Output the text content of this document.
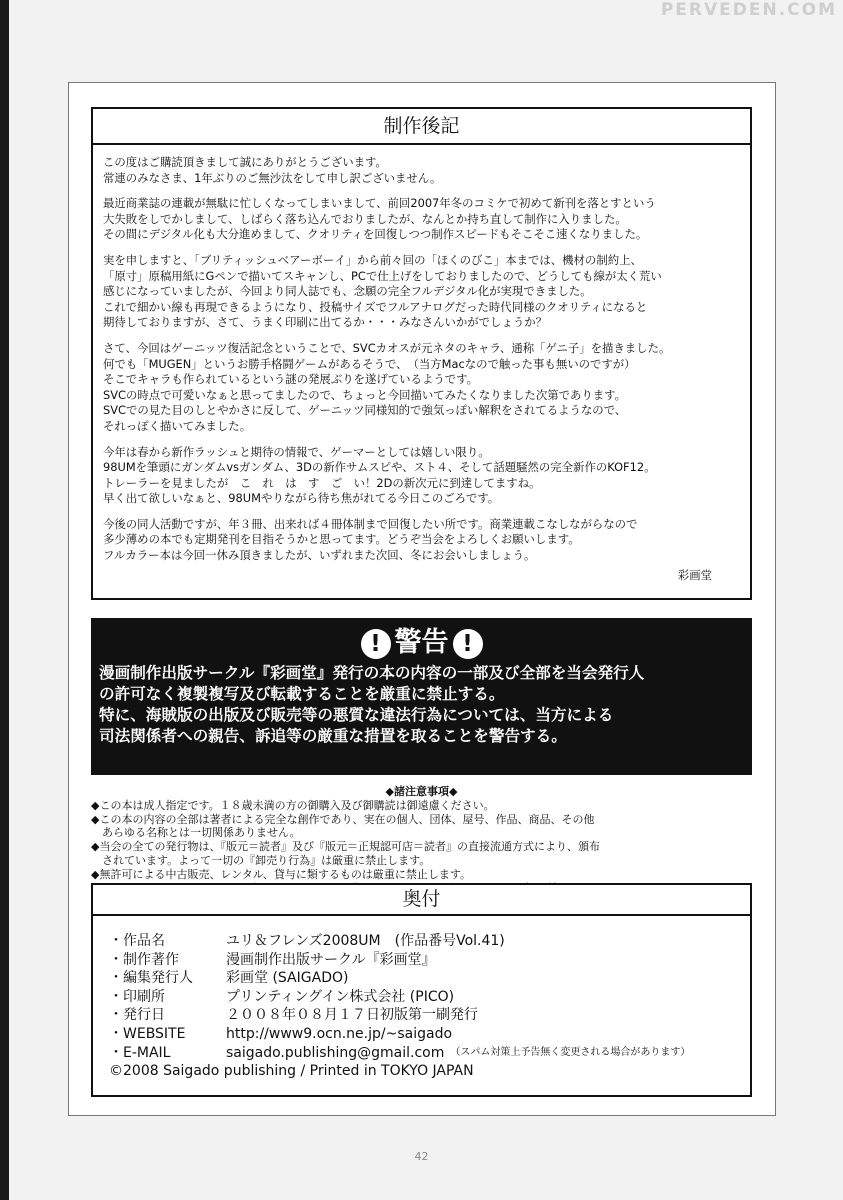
PERVEDEN.COM
制作後記

この度はご購読頂きまして誠にありがとうございます。
常連のみなさま、1年ぶりのご無沙汰をして申し訳ございません。

最近商業誌の連載が無駄に忙しくなってしまいまして、前回2007年冬のコミケで初めて新刊を落とすという
大失敗をしでかしまして、しばらく落ち込んでおりましたが、なんとか持ち直して制作に入りました。
その間にデジタル化も大分進めまして、クオリティを回復しつつ制作スピードもそこそこ速くなりました。

実を申しますと、「ブリティッシュベアーボーイ」から前々回の「ほくのびこ」本までは、機材の制約上、
「原寸」原稿用紙にGペンで描いてスキャンし、PCで仕上げをしておりましたので、どうしても線が太く荒い
感じになっていましたが、今回より同人誌でも、念願の完全フルデジタル化が実現できました。
これで細かい線も再現できるようになり、投稿サイズでフルアナログだった時代同様のクオリティになると
期待しておりますが、さて、うまく印刷に出てるか・・・みなさんいかがでしょうか？

さて、今回はゲーニッツ復活記念ということで、SVCカオスが元ネタのキャラ、通称「ゲニ子」を描きました。
何でも「MUGEN」というお勝手格闘ゲームがあるそうで、　（当方Macなので触った事も無いのですが）
そこでキャラも作られているという謎の発展ぶりを遂げているようです。
SVCの時点で可愛いなぁと思ってましたので、ちょっと今回描いてみたくなりました次第であります。
SVCでの見た目のしとやかさに反して、ゲーニッツ同様知的で強気っぽい解釈をされてるようなので、
それっぽく描いてみました。

今年は春から新作ラッシュと期待の情報で、ゲーマーとしては嬉しい限り。
98UMを筆頭にガンダムvsガンダム、3Dの新作サムスピや、スト４、そして話題騒然の完全新作のKOF12。
トレーラーを見ましたが　こ　れ　は　す　ご　い！2Dの新次元に到達してますね。
早く出て欲しいなぁと、98UMやりながら待ち焦がれてる今日このごろです。

今後の同人活動ですが、年３冊、出来れば４冊体制まで回復したい所です。商業連載こなしながらなので
多少薄めの本でも定期発刊を目指そうかと思ってます。どうぞ当会をよろしくお願いします。
フルカラー本は今回一休み頂きましたが、いずれまた次回、冬にお会いしましょう。

彩画堂
! 警告 !
漫画制作出版サークル『彩画堂』発行の本の内容の一部及び全部を当会発行人
の許可なく複製複写及び転載することを厳重に禁止する。
特に、海賊版の出版及び販売等の悪質な違法行為については、当方による
司法関係者への親告、訴追等の厳重な措置を取ることを警告する。
◆諸注意事項◆
◆この本は成人指定です。１８歳未満の方の御購入及び御購読は御遠慮ください。
◆この本の内容の全部は著者による完全な創作であり、実在の個人、団体、屋号、作品、商品、その他
　あらゆる名称とは一切関係ありません。
◆当会の全ての発行物は、『版元＝読者』及び『版元＝正規認可店＝読者』の直接流通方式により、頒布
　されています。よって一切の『卸売り行為』は厳重に禁止します。
◆無許可による中古販売、レンタル、貸与に類するものは厳重に禁止します。
奥付
・作品名	ユリ＆フレンズ2008UM　(作品番号Vol.41)
・制作著作	漫画制作出版サークル『彩画堂』
・編集発行人	彩画堂 (SAIGADO)
・印刷所	プリンティングイン株式会社 (PICO)
・発行日	２００８年０８月１７日初版第一刷発行
・WEBSITE	http://www9.ocn.ne.jp/~saigado
・E-MAIL	saigado.publishing@gmail.com （スパム対策上予告無く変更される場合があります）
©2008 Saigado publishing / Printed in TOKYO JAPAN
42
